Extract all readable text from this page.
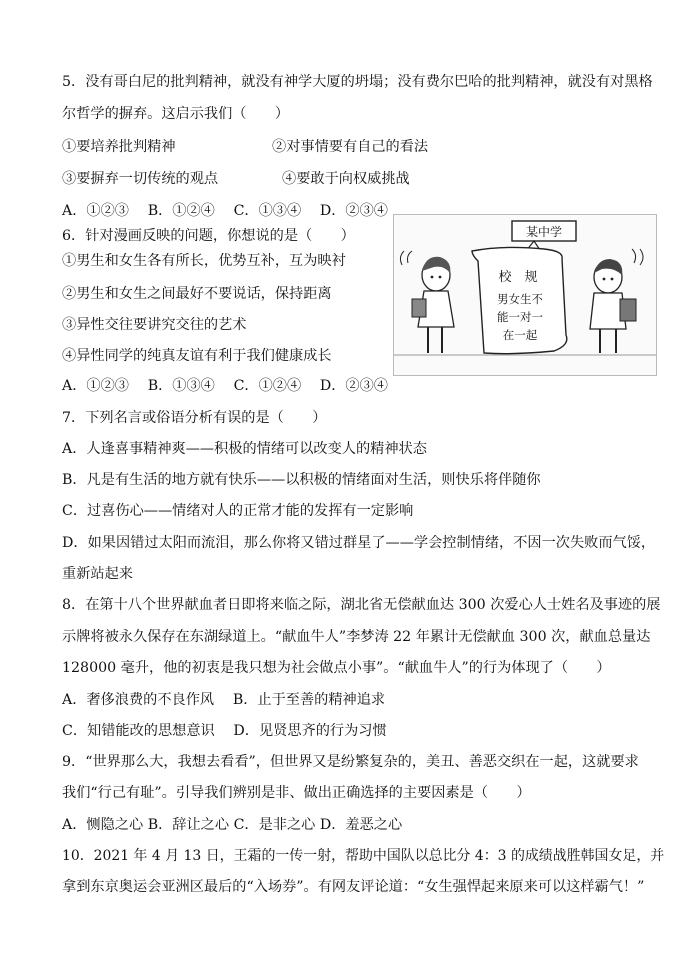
5．没有哥白尼的批判精神，就没有神学大厦的坍塌；没有费尔巴哈的批判精神，就没有对黑格
尔哲学的摒弃。这启示我们（　　）
①要培养批判精神	②对事情要有自己的看法
③要摒弃一切传统的观点	④要敢于向权威挑战
A．①②③　 B．①②④　 C．①③④　 D．②③④
6．针对漫画反映的问题，你想说的是（　　）
①男生和女生各有所长，优势互补，互为映衬
②男生和女生之间最好不要说话，保持距离
③异性交往要讲究交往的艺术
④异性同学的纯真友谊有利于我们健康成长
A．①②③　 B．①③④　 C．①②④　 D．②③④
某中学
校　规
男女生不
能一对一
在一起
7．下列名言或俗语分析有误的是（　　）
A．人逢喜事精神爽——积极的情绪可以改变人的精神状态
B．凡是有生活的地方就有快乐——以积极的情绪面对生活，则快乐将伴随你
C．过喜伤心——情绪对人的正常才能的发挥有一定影响
D．如果因错过太阳而流泪，那么你将又错过群星了——学会控制情绪，不因一次失败而气馁，
重新站起来
8．在第十八个世界献血者日即将来临之际，湖北省无偿献血达 300 次爱心人士姓名及事迹的展
示牌将被永久保存在东湖绿道上。“献血牛人”李梦涛 22 年累计无偿献血 300 次，献血总量达
128000 毫升，他的初衷是我只想为社会做点小事”。“献血牛人”的行为体现了（　　）
A．奢侈浪费的不良作风　 B．止于至善的精神追求
C．知错能改的思想意识　 D．见贤思齐的行为习惯
9．“世界那么大，我想去看看”，但世界又是纷繁复杂的，美丑、善恶交织在一起，这就要求
我们“行己有耻”。引导我们辨别是非、做出正确选择的主要因素是（　　）
A．恻隐之心 B．辞让之心 C．是非之心 D．羞恶之心
10．2021 年 4 月 13 日，王霜的一传一射，帮助中国队以总比分 4：3 的成绩战胜韩国女足，并
拿到东京奥运会亚洲区最后的“入场券”。有网友评论道：“女生强悍起来原来可以这样霸气！”
